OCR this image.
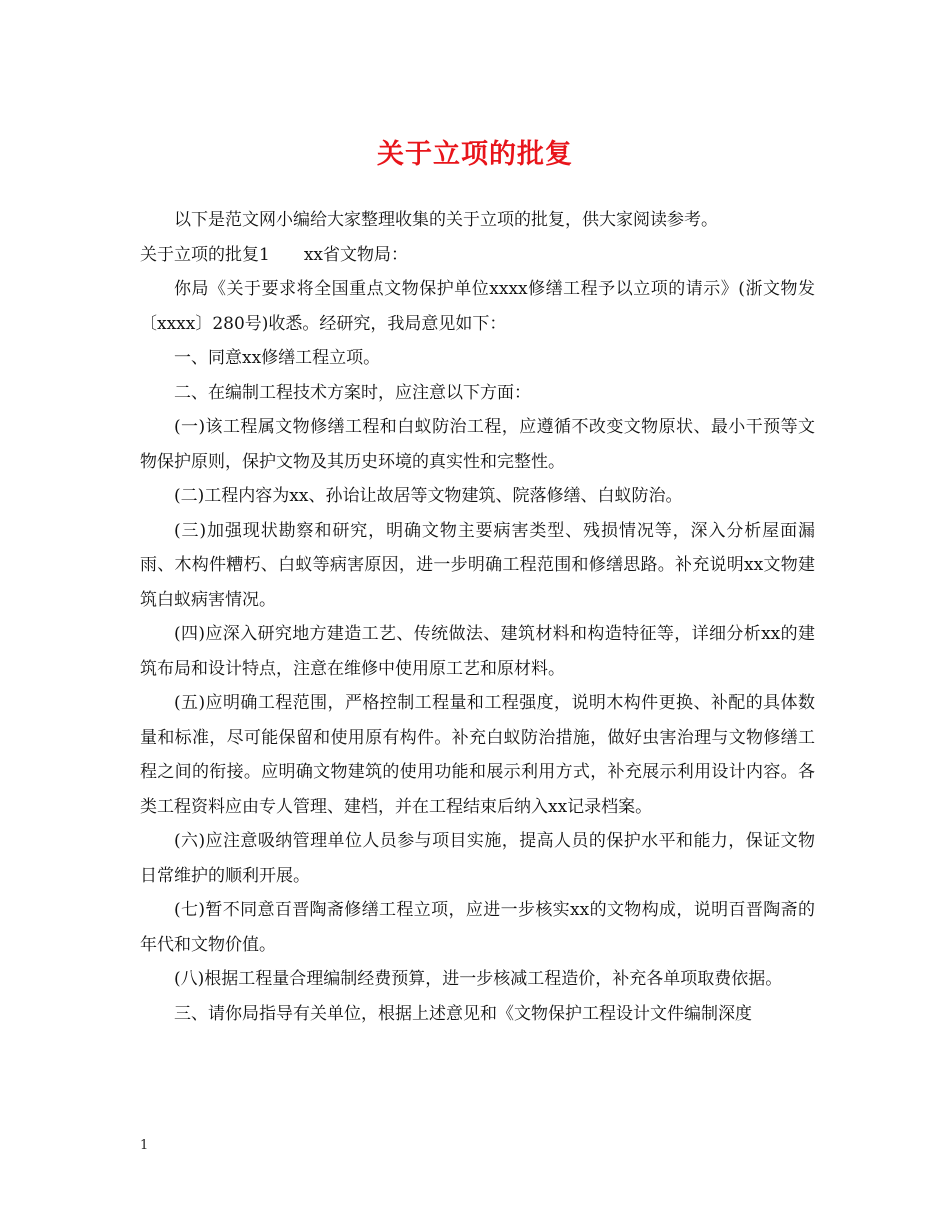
关于立项的批复

以下是范文网小编给大家整理收集的关于立项的批复，供大家阅读参考。

关于立项的批复1 xx省文物局：

你局《关于要求将全国重点文物保护单位xxxx修缮工程予以立项的请示》(浙文物发〔xxxx〕280号)收悉。经研究，我局意见如下：

一、同意xx修缮工程立项。

二、在编制工程技术方案时，应注意以下方面：

(一)该工程属文物修缮工程和白蚁防治工程，应遵循不改变文物原状、最小干预等文物保护原则，保护文物及其历史环境的真实性和完整性。

(二)工程内容为xx、孙诒让故居等文物建筑、院落修缮、白蚁防治。

(三)加强现状勘察和研究，明确文物主要病害类型、残损情况等，深入分析屋面漏雨、木构件糟朽、白蚁等病害原因，进一步明确工程范围和修缮思路。补充说明xx文物建筑白蚁病害情况。

(四)应深入研究地方建造工艺、传统做法、建筑材料和构造特征等，详细分析xx的建筑布局和设计特点，注意在维修中使用原工艺和原材料。

(五)应明确工程范围，严格控制工程量和工程强度，说明木构件更换、补配的具体数量和标准，尽可能保留和使用原有构件。补充白蚁防治措施，做好虫害治理与文物修缮工程之间的衔接。应明确文物建筑的使用功能和展示利用方式，补充展示利用设计内容。各类工程资料应由专人管理、建档，并在工程结束后纳入xx记录档案。

(六)应注意吸纳管理单位人员参与项目实施，提高人员的保护水平和能力，保证文物日常维护的顺利开展。

(七)暂不同意百晋陶斋修缮工程立项，应进一步核实xx的文物构成，说明百晋陶斋的年代和文物价值。

(八)根据工程量合理编制经费预算，进一步核减工程造价，补充各单项取费依据。

三、请你局指导有关单位，根据上述意见和《文物保护工程设计文件编制深度

1
